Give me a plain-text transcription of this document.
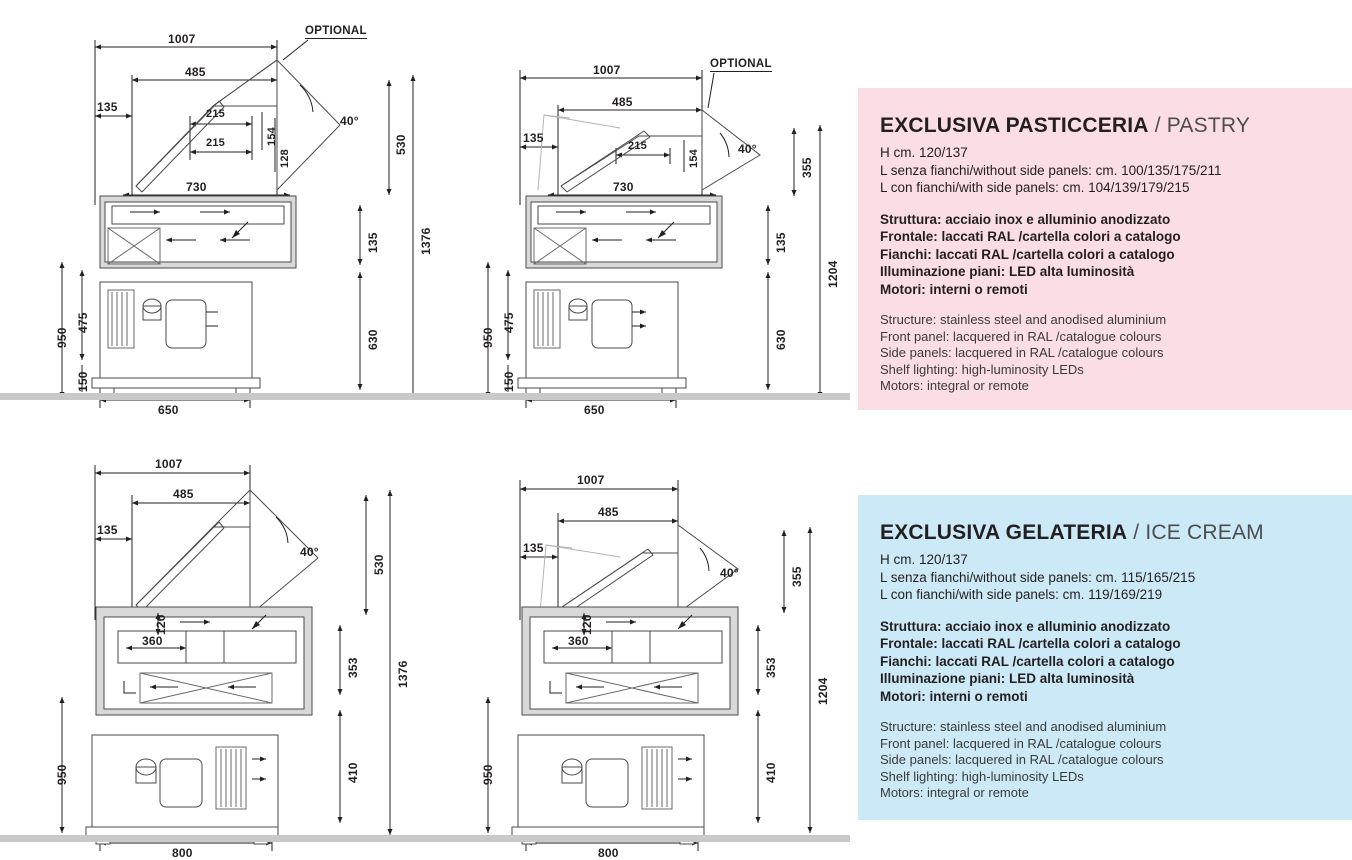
1007
485
135	215
215	154
128
40°
530
730
135	1376
950
475
630
150
650
OPTIONAL
1007
485
135
215
154
40°
355
730
135
1204
950
475
630
150
650
OPTIONAL
1007
485
135
40°
530
120
360
353	1376
950	410
800
1007
485
135
40°	355
120
360
353
1204
950	410
800
EXCLUSIVA PASTICCERIA / PASTRY
H cm. 120/137
L senza fianchi/without side panels: cm. 100/135/175/211
L con fianchi/with side panels: cm. 104/139/179/215
Struttura: acciaio inox e alluminio anodizzato
Frontale: laccati RAL /cartella colori a catalogo
Fianchi: laccati RAL /cartella colori a catalogo
Illuminazione piani: LED alta luminosità
Motori: interni o remoti
Structure: stainless steel and anodised aluminium
Front panel: lacquered in RAL /catalogue colours
Side panels: lacquered in RAL /catalogue colours
Shelf lighting: high-luminosity LEDs
Motors: integral or remote
EXCLUSIVA GELATERIA / ICE CREAM
H cm. 120/137
L senza fianchi/without side panels: cm. 115/165/215
L con fianchi/with side panels: cm. 119/169/219
Struttura: acciaio inox e alluminio anodizzato
Frontale: laccati RAL /cartella colori a catalogo
Fianchi: laccati RAL /cartella colori a catalogo
Illuminazione piani: LED alta luminosità
Motori: interni o remoti
Structure: stainless steel and anodised aluminium
Front panel: lacquered in RAL /catalogue colours
Side panels: lacquered in RAL /catalogue colours
Shelf lighting: high-luminosity LEDs
Motors: integral or remote
